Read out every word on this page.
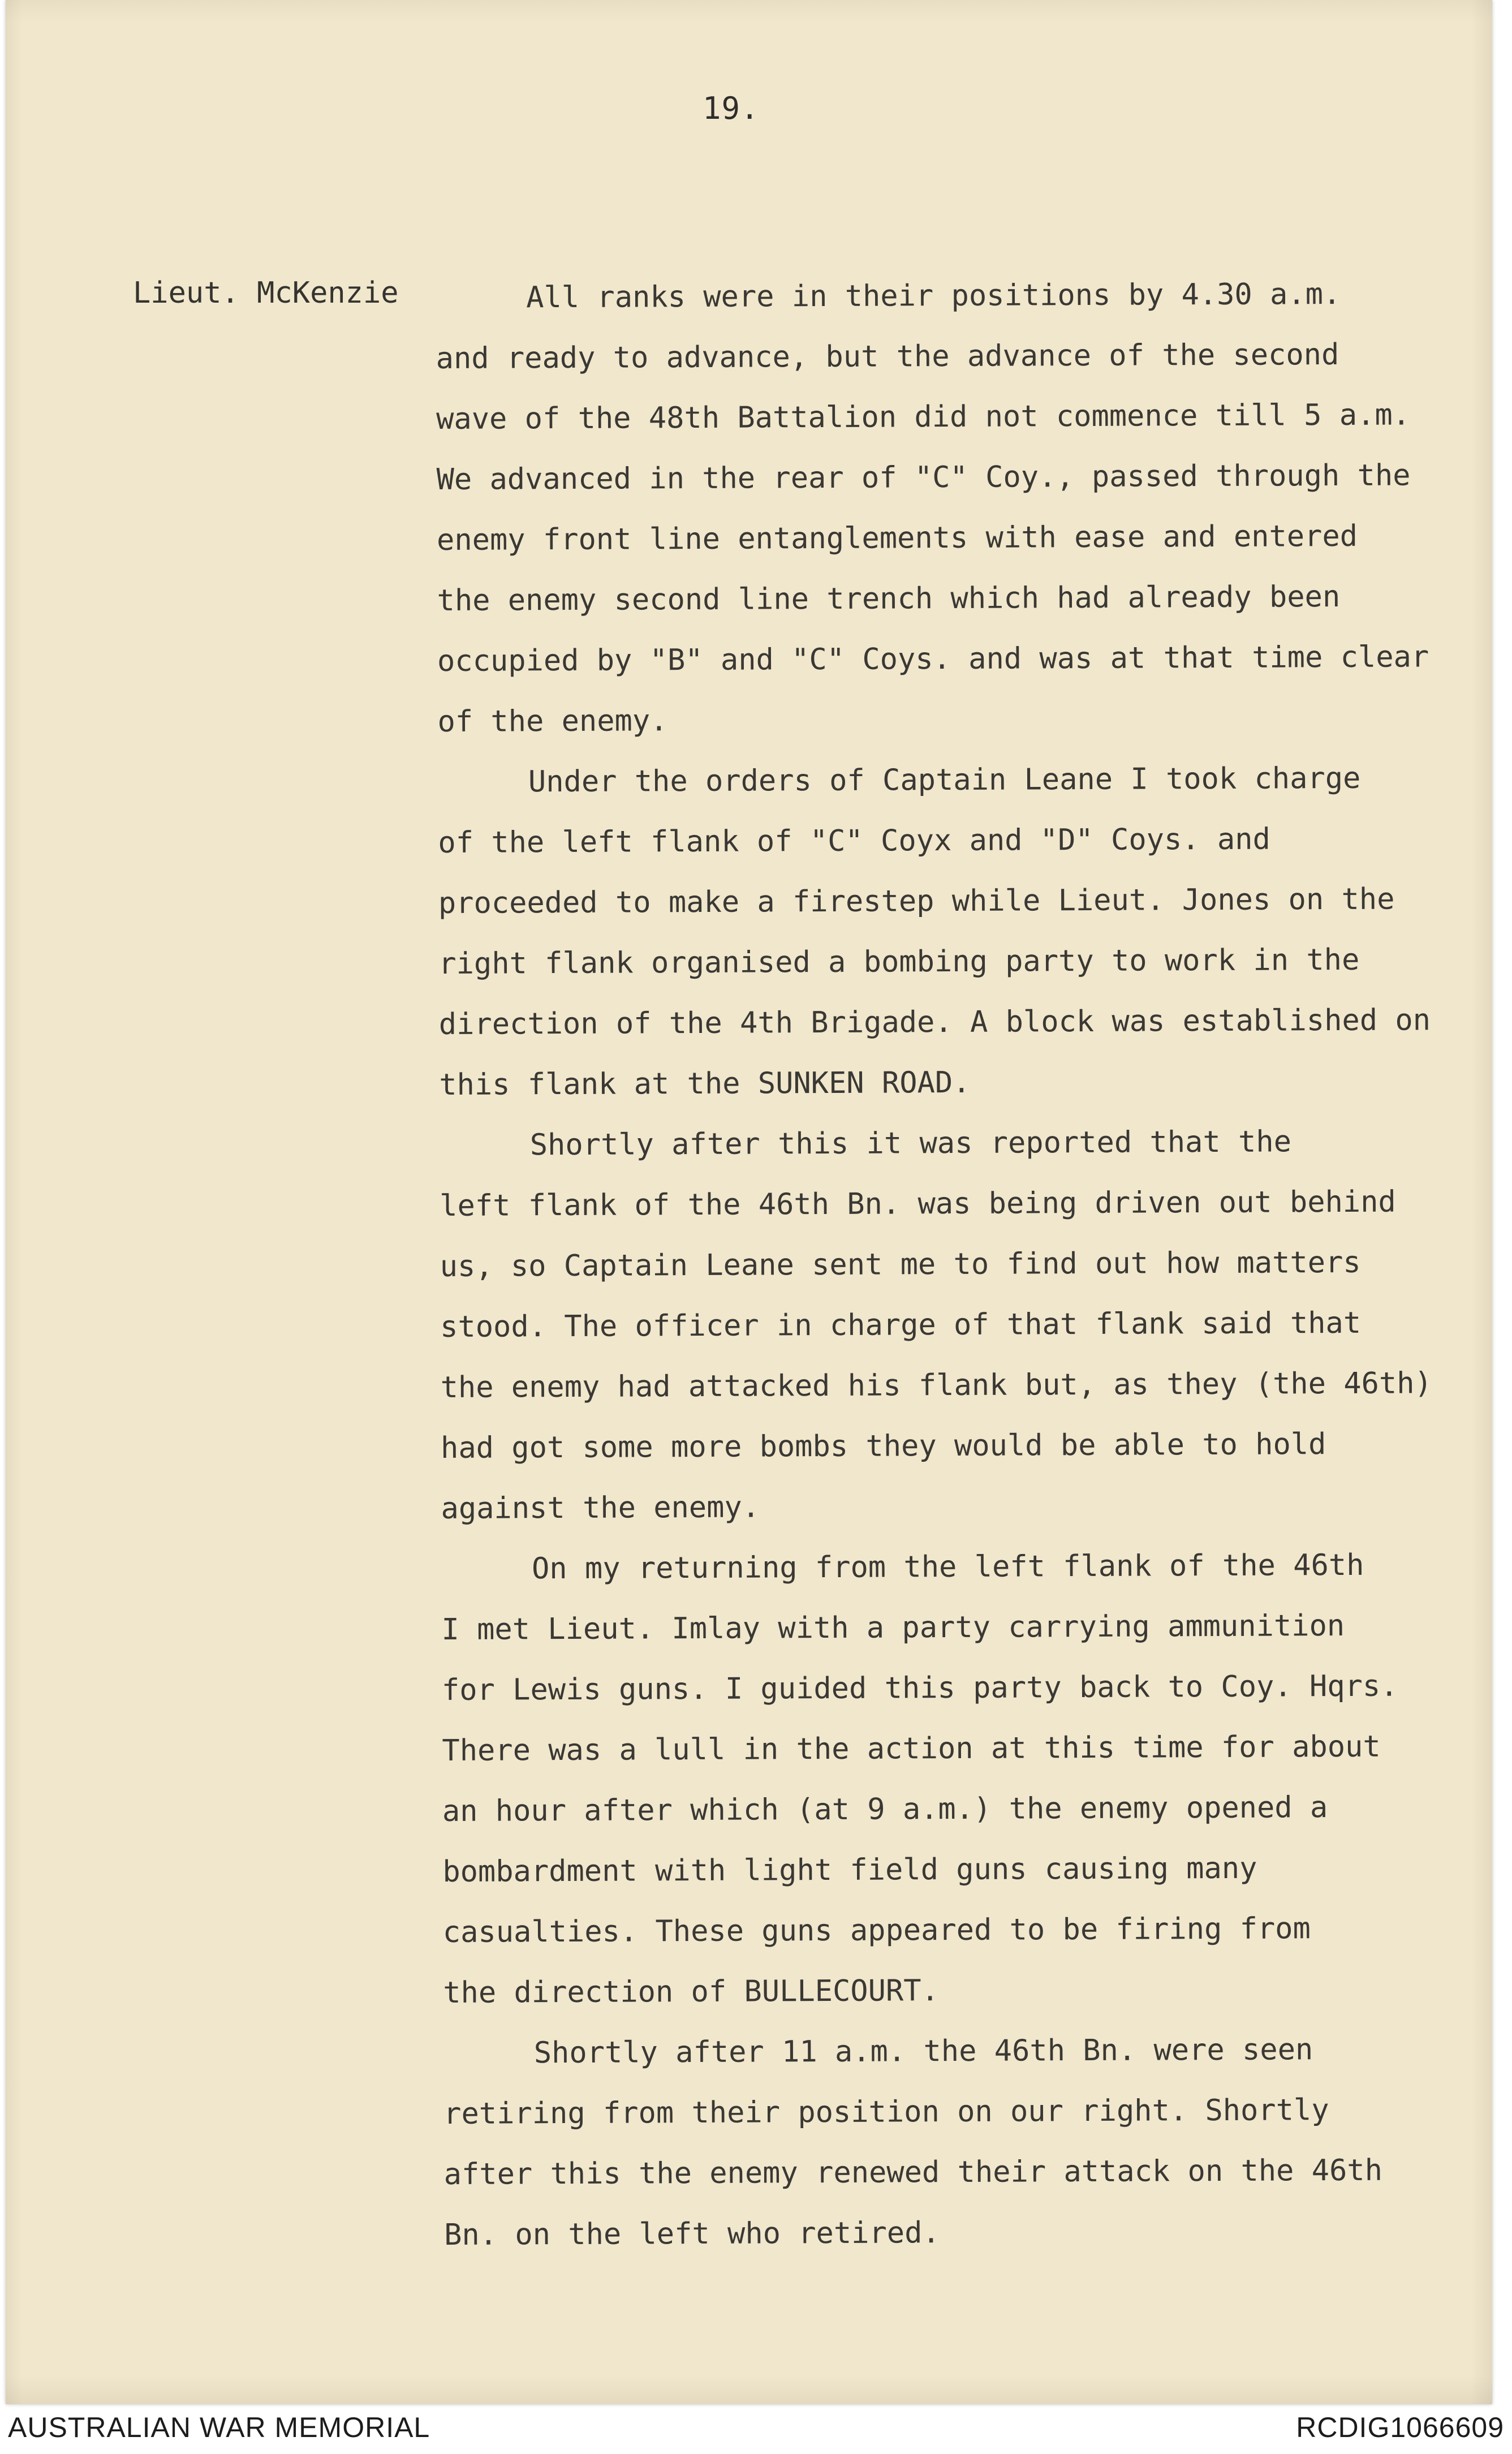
19.
Lieut. McKenzie	All ranks were in their positions by 4.30 a.m.
and ready to advance, but the advance of the second
wave of the 48th Battalion did not commence till 5 a.m.
We advanced in the rear of "C" Coy., passed through the
enemy front line entanglements with ease and entered
the enemy second line trench which had already been
occupied by "B" and "C" Coys. and was at that time clear
of the enemy.
Under the orders of Captain Leane I took charge
of the left flank of "C" Coyx and "D" Coys. and
proceeded to make a firestep while Lieut. Jones on the
right flank organised a bombing party to work in the
direction of the 4th Brigade. A block was established on
this flank at the SUNKEN ROAD.
Shortly after this it was reported that the
left flank of the 46th Bn. was being driven out behind
us, so Captain Leane sent me to find out how matters
stood. The officer in charge of that flank said that
the enemy had attacked his flank but, as they (the 46th)
had got some more bombs they would be able to hold
against the enemy.
On my returning from the left flank of the 46th
I met Lieut. Imlay with a party carrying ammunition
for Lewis guns. I guided this party back to Coy. Hqrs.
There was a lull in the action at this time for about
an hour after which (at 9 a.m.) the enemy opened a
bombardment with light field guns causing many
casualties. These guns appeared to be firing from
the direction of BULLECOURT.
Shortly after 11 a.m. the 46th Bn. were seen
retiring from their position on our right. Shortly
after this the enemy renewed their attack on the 46th
Bn. on the left who retired.
AUSTRALIAN WAR MEMORIAL	RCDIG1066609
